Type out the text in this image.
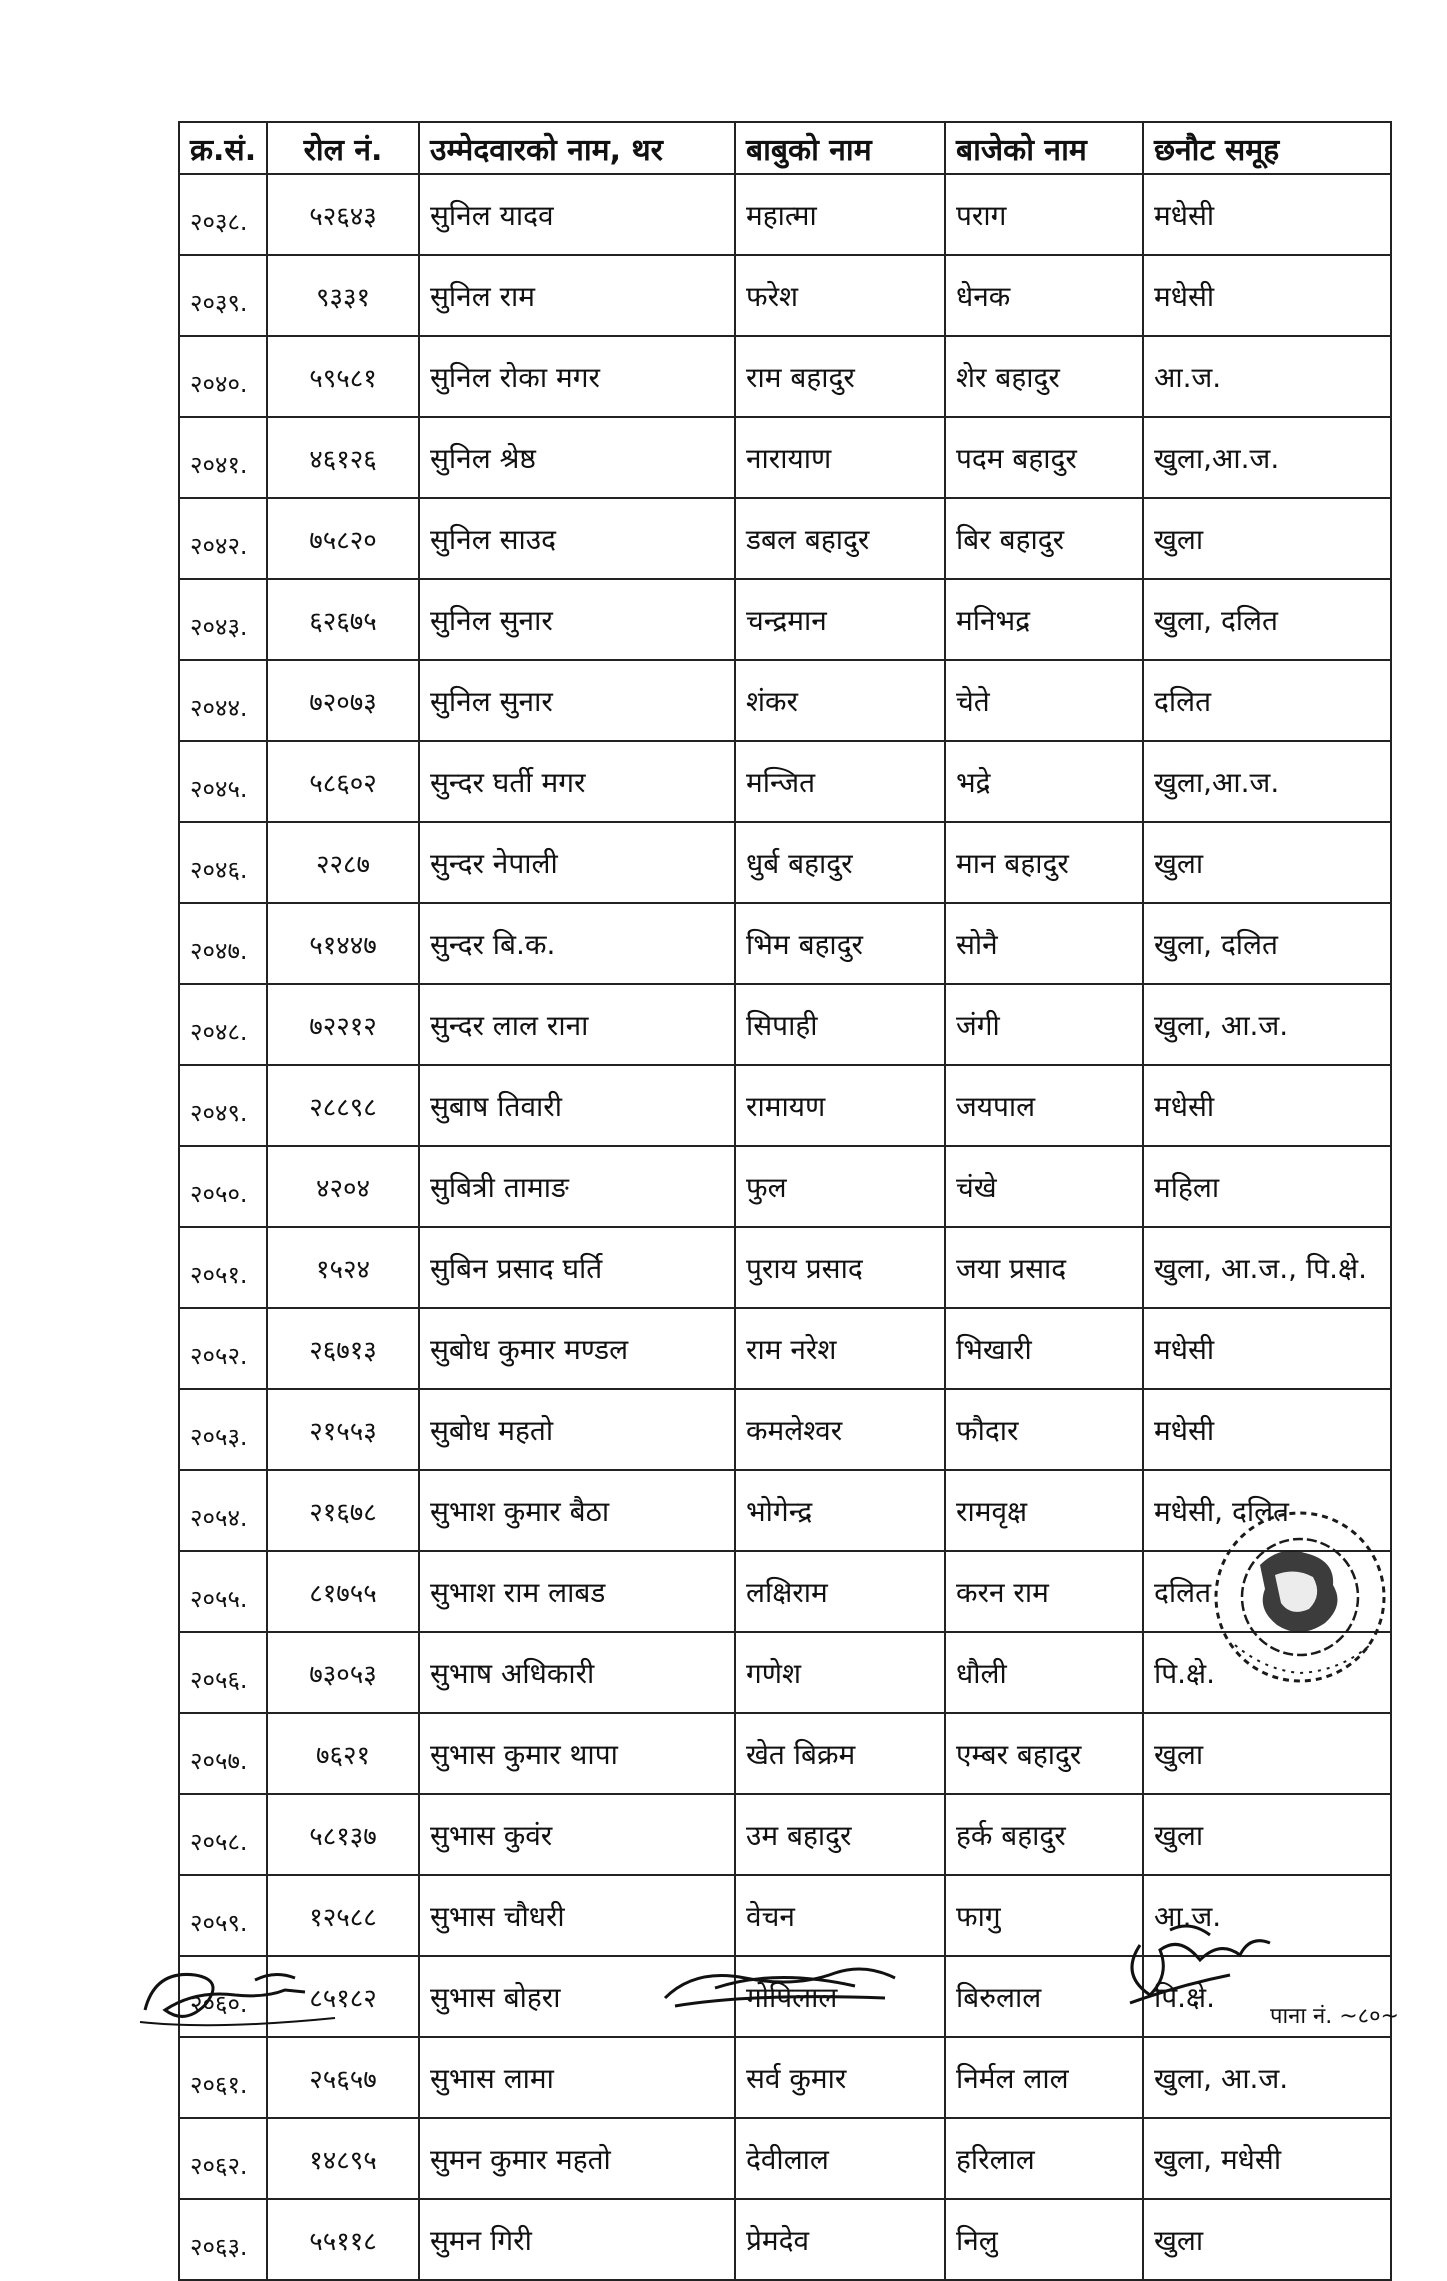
क्र.सं.	रोल नं.	उम्मेदवारको नाम, थर	बाबुको नाम	बाजेको नाम	छनौट समूह
२०३८.	५२६४३	सुनिल यादव	महात्मा	पराग	मधेसी
२०३९.	९३३१	सुनिल राम	फरेश	धेनक	मधेसी
२०४०.	५९५८१	सुनिल रोका मगर	राम बहादुर	शेर बहादुर	आ.ज.
२०४१.	४६१२६	सुनिल श्रेष्ठ	नारायाण	पदम बहादुर	खुला,आ.ज.
२०४२.	७५८२०	सुनिल साउद	डबल बहादुर	बिर बहादुर	खुला
२०४३.	६२६७५	सुनिल सुनार	चन्द्रमान	मनिभद्र	खुला, दलित
२०४४.	७२०७३	सुनिल सुनार	शंकर	चेते	दलित
२०४५.	५८६०२	सुन्दर घर्ती मगर	मन्जित	भद्रे	खुला,आ.ज.
२०४६.	२२८७	सुन्दर नेपाली	धुर्ब बहादुर	मान बहादुर	खुला
२०४७.	५१४४७	सुन्दर बि.क.	भिम बहादुर	सोनै	खुला, दलित
२०४८.	७२२१२	सुन्दर लाल राना	सिपाही	जंगी	खुला, आ.ज.
२०४९.	२८८९८	सुबाष तिवारी	रामायण	जयपाल	मधेसी
२०५०.	४२०४	सुबित्री तामाङ	फुल	चंखे	महिला
२०५१.	१५२४	सुबिन प्रसाद घर्ति	पुराय प्रसाद	जया प्रसाद	खुला, आ.ज., पि.क्षे.
२०५२.	२६७१३	सुबोध कुमार मण्डल	राम नरेश	भिखारी	मधेसी
२०५३.	२१५५३	सुबोध महतो	कमलेश्वर	फौदार	मधेसी
२०५४.	२१६७८	सुभाश कुमार बैठा	भोगेन्द्र	रामवृक्ष	मधेसी, दलित
२०५५.	८१७५५	सुभाश राम लाबड	लक्षिराम	करन राम	दलित
२०५६.	७३०५३	सुभाष अधिकारी	गणेश	धौली	पि.क्षे.
२०५७.	७६२१	सुभास कुमार थापा	खेत बिक्रम	एम्बर बहादुर	खुला
२०५८.	५८१३७	सुभास कुवंर	उम बहादुर	हर्क बहादुर	खुला
२०५९.	१२५८८	सुभास चौधरी	वेचन	फागु	आ.ज.
२०६०.	८५१८२	सुभास बोहरा	गोपिलाल	बिरुलाल	पि.क्षे.
२०६१.	२५६५७	सुभास लामा	सर्व कुमार	निर्मल लाल	खुला, आ.ज.
२०६२.	१४८९५	सुमन कुमार महतो	देवीलाल	हरिलाल	खुला, मधेसी
२०६३.	५५११८	सुमन गिरी	प्रेमदेव	निलु	खुला
पाना नं. ~८०~
